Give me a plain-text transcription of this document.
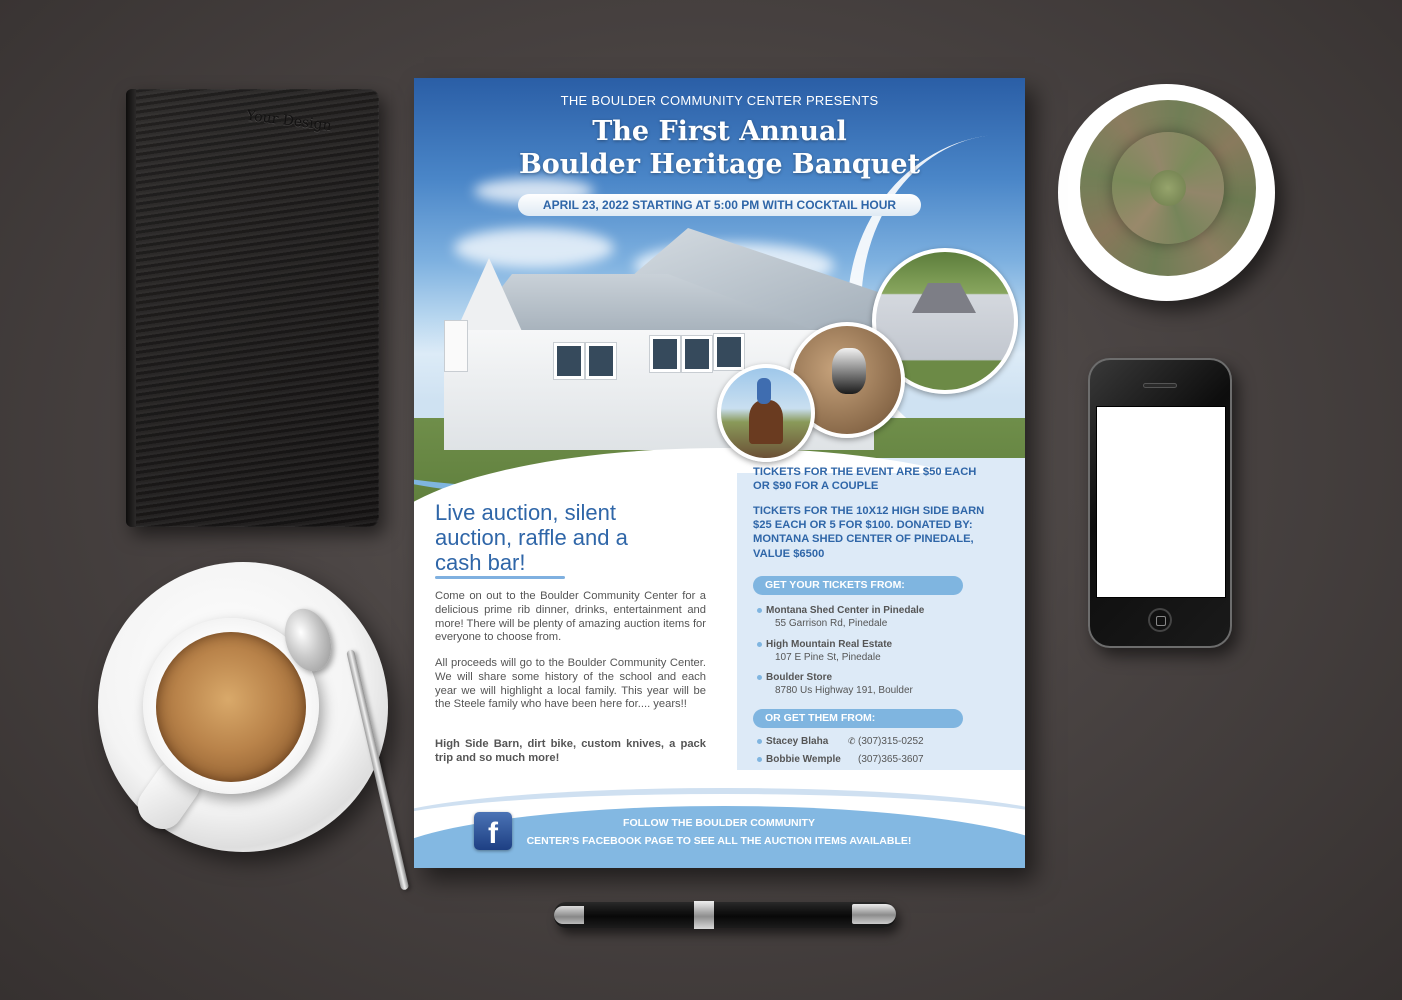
Your Design
THE BOULDER COMMUNITY CENTER PRESENTS
The First Annual
Boulder Heritage Banquet
APRIL 23, 2022 STARTING AT 5:00 PM WITH COCKTAIL HOUR
Live auction, silent
auction, raffle and a
cash bar!
Come on out to the Boulder Community Center for a delicious prime rib dinner, drinks, entertainment and more! There will be plenty of amazing auction items for everyone to choose from.
All proceeds will go to the Boulder Community Center. We will share some history of the school and each year we will highlight a local family. This year will be the Steele family who have been here for.... years!!
High Side Barn, dirt bike, custom knives, a pack trip and so much more!
TICKETS FOR THE EVENT ARE $50 EACH
OR $90 FOR A COUPLE
TICKETS FOR THE 10X12 HIGH SIDE BARN
$25 EACH OR 5 FOR $100. DONATED BY:
MONTANA SHED CENTER OF PINEDALE,
VALUE $6500
GET YOUR TICKETS FROM:
Montana Shed Center in Pinedale
55 Garrison Rd, Pinedale
High Mountain Real Estate
107 E Pine St, Pinedale
Boulder Store
8780 Us Highway 191, Boulder
OR GET THEM FROM:
Stacey Blaha ✆ (307)315-0252
Bobbie Wemple (307)365-3607
f	FOLLOW THE BOULDER COMMUNITY
CENTER'S FACEBOOK PAGE TO SEE ALL THE AUCTION ITEMS AVAILABLE!
